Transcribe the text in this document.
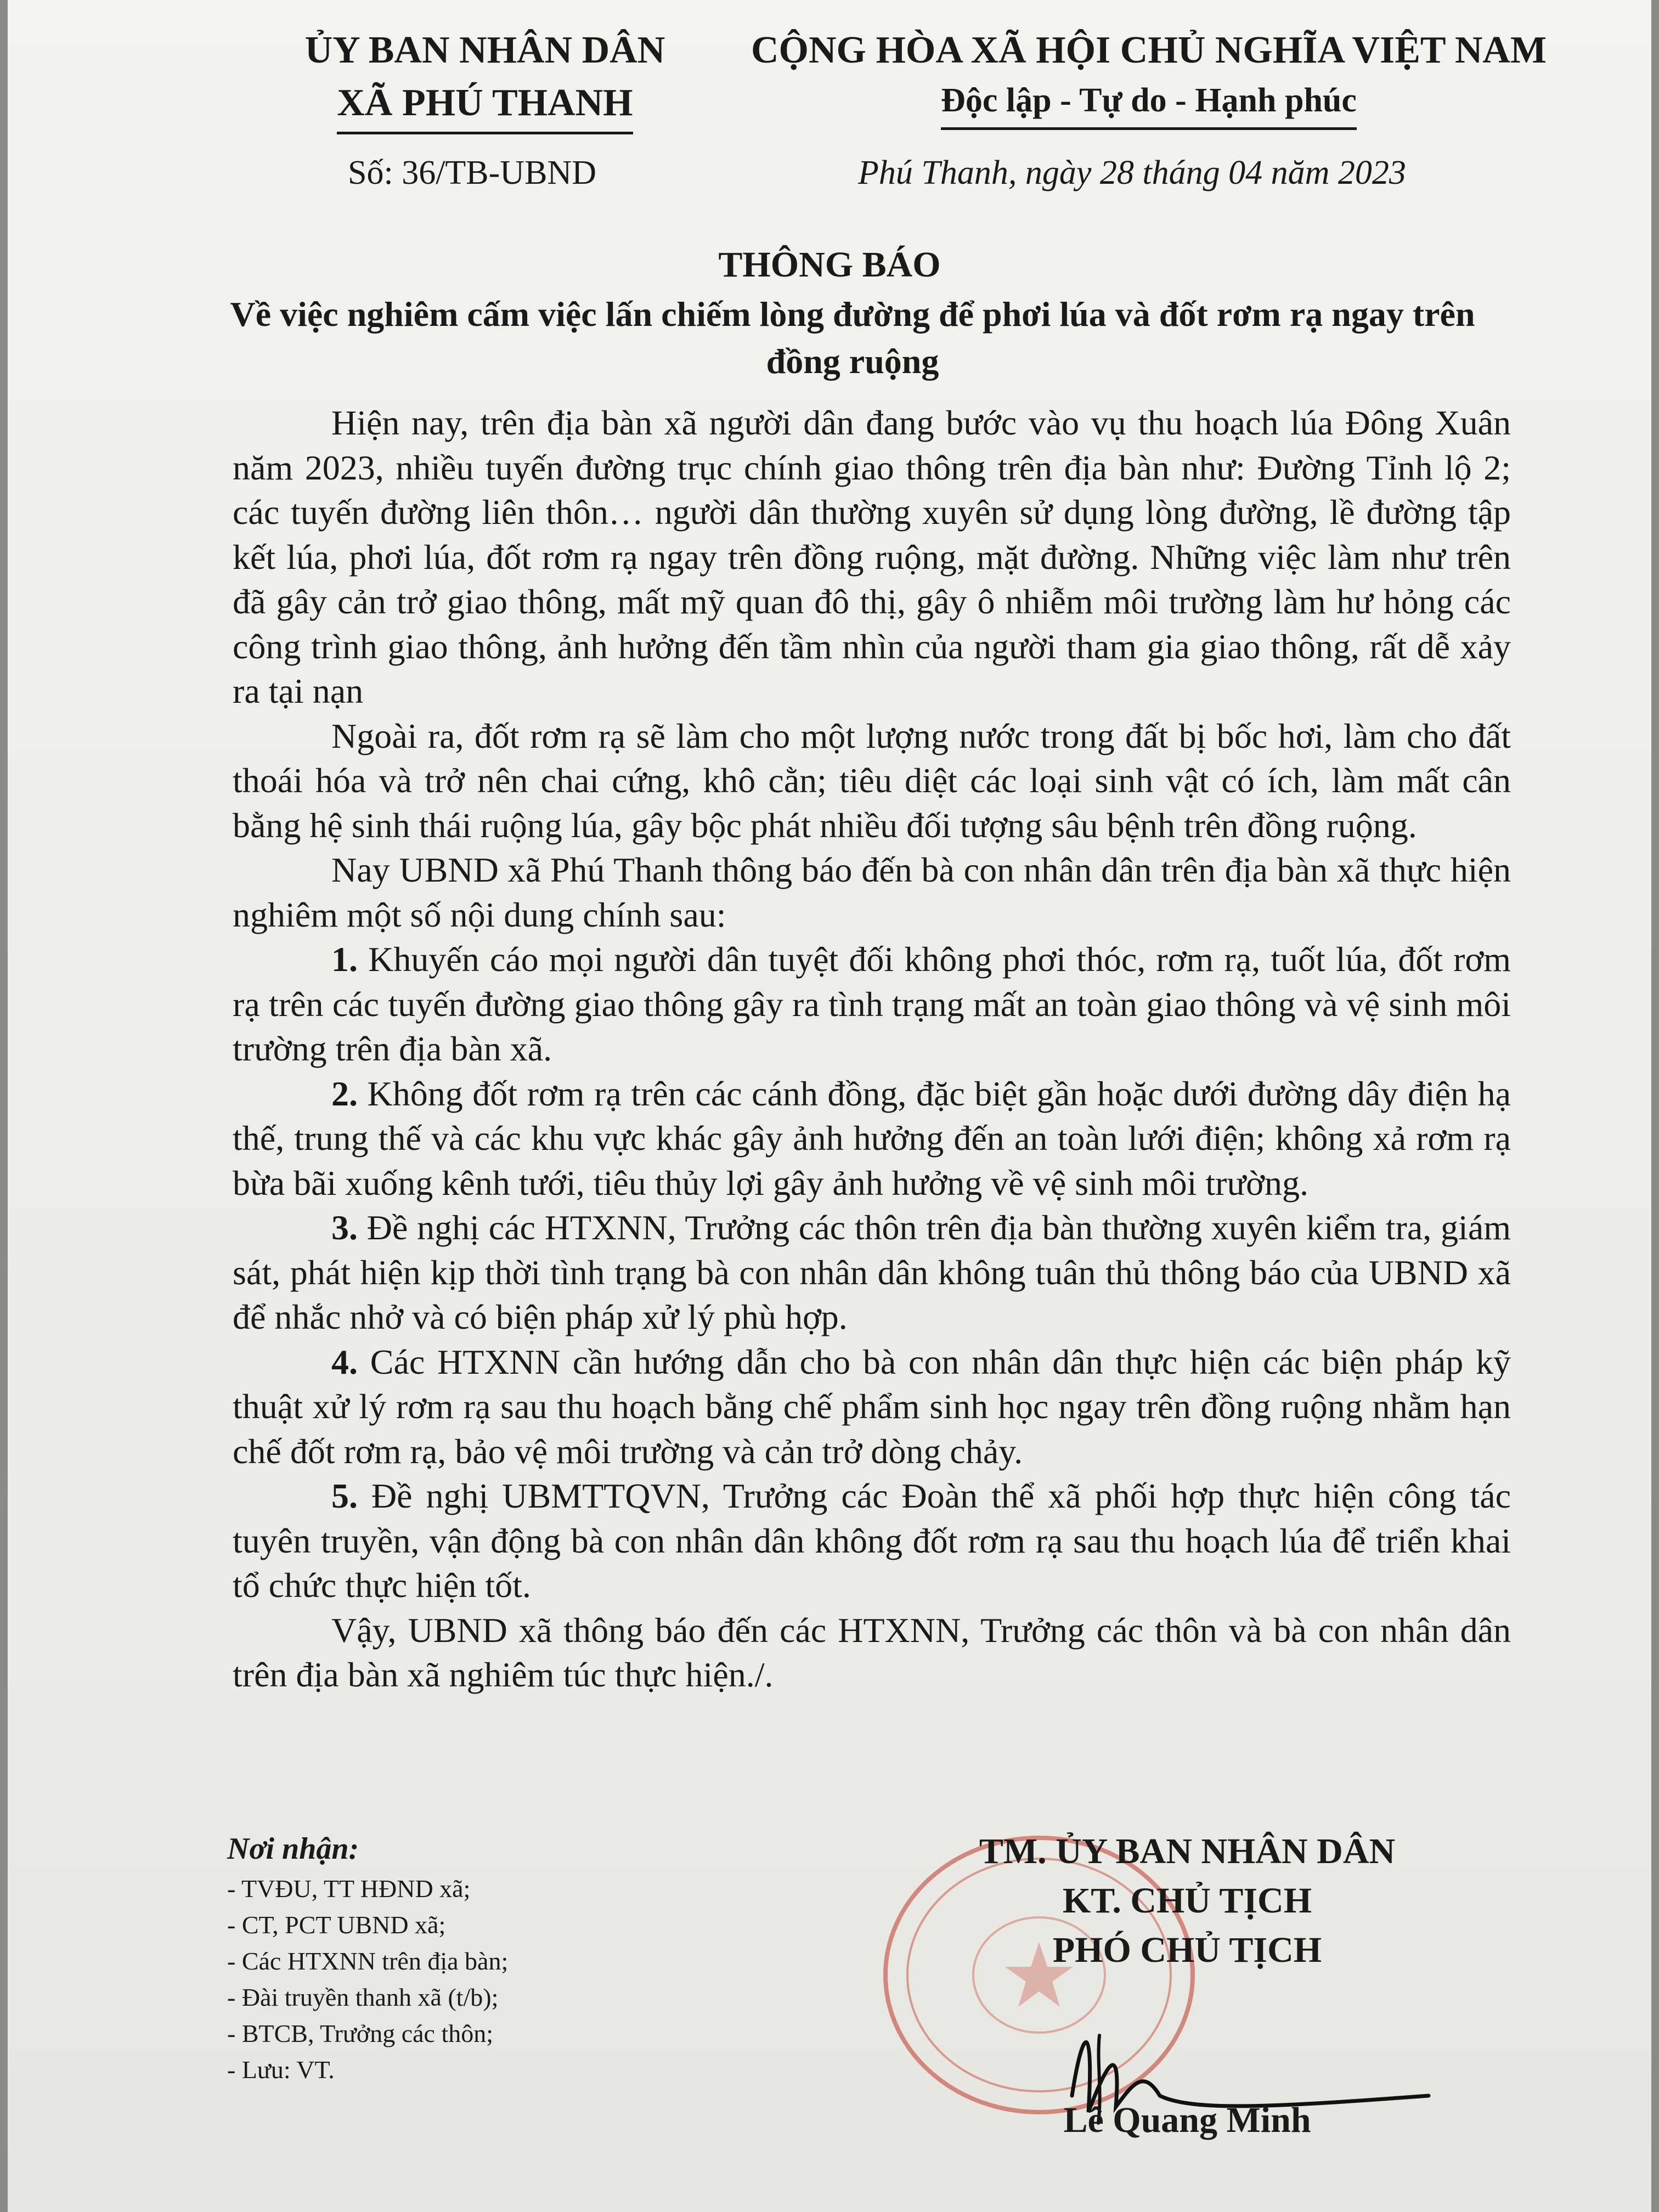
ỦY BAN NHÂN DÂN
XÃ PHÚ THANH
CỘNG HÒA XÃ HỘI CHỦ NGHĨA VIỆT NAM
Độc lập - Tự do - Hạnh phúc
Số: 36/TB-UBND	Phú Thanh, ngày 28 tháng 04 năm 2023
THÔNG BÁO
Về việc nghiêm cấm việc lấn chiếm lòng đường để phơi lúa và đốt rơm rạ ngay trên đồng ruộng

Hiện nay, trên địa bàn xã người dân đang bước vào vụ thu hoạch lúa Đông Xuân năm 2023, nhiều tuyến đường trục chính giao thông trên địa bàn như: Đường Tỉnh lộ 2; các tuyến đường liên thôn… người dân thường xuyên sử dụng lòng đường, lề đường tập kết lúa, phơi lúa, đốt rơm rạ ngay trên đồng ruộng, mặt đường. Những việc làm như trên đã gây cản trở giao thông, mất mỹ quan đô thị, gây ô nhiễm môi trường làm hư hỏng các công trình giao thông, ảnh hưởng đến tầm nhìn của người tham gia giao thông, rất dễ xảy ra tại nạn

Ngoài ra, đốt rơm rạ sẽ làm cho một lượng nước trong đất bị bốc hơi, làm cho đất thoái hóa và trở nên chai cứng, khô cằn; tiêu diệt các loại sinh vật có ích, làm mất cân bằng hệ sinh thái ruộng lúa, gây bộc phát nhiều đối tượng sâu bệnh trên đồng ruộng.

Nay UBND xã Phú Thanh thông báo đến bà con nhân dân trên địa bàn xã thực hiện nghiêm một số nội dung chính sau:

1. Khuyến cáo mọi người dân tuyệt đối không phơi thóc, rơm rạ, tuốt lúa, đốt rơm rạ trên các tuyến đường giao thông gây ra tình trạng mất an toàn giao thông và vệ sinh môi trường trên địa bàn xã.

2. Không đốt rơm rạ trên các cánh đồng, đặc biệt gần hoặc dưới đường dây điện hạ thế, trung thế và các khu vực khác gây ảnh hưởng đến an toàn lưới điện; không xả rơm rạ bừa bãi xuống kênh tưới, tiêu thủy lợi gây ảnh hưởng về vệ sinh môi trường.

3. Đề nghị các HTXNN, Trưởng các thôn trên địa bàn thường xuyên kiểm tra, giám sát, phát hiện kịp thời tình trạng bà con nhân dân không tuân thủ thông báo của UBND xã để nhắc nhở và có biện pháp xử lý phù hợp.

4. Các HTXNN cần hướng dẫn cho bà con nhân dân thực hiện các biện pháp kỹ thuật xử lý rơm rạ sau thu hoạch bằng chế phẩm sinh học ngay trên đồng ruộng nhằm hạn chế đốt rơm rạ, bảo vệ môi trường và cản trở dòng chảy.

5. Đề nghị UBMTTQVN, Trưởng các Đoàn thể xã phối hợp thực hiện công tác tuyên truyền, vận động bà con nhân dân không đốt rơm rạ sau thu hoạch lúa để triển khai tổ chức thực hiện tốt.

Vậy, UBND xã thông báo đến các HTXNN, Trưởng các thôn và bà con nhân dân trên địa bàn xã nghiêm túc thực hiện./.

Nơi nhận:
- TVĐU, TT HĐND xã;
- CT, PCT UBND xã;
- Các HTXNN trên địa bàn;
- Đài truyền thanh xã (t/b);
- BTCB, Trưởng các thôn;
- Lưu: VT.
TM. ỦY BAN NHÂN DÂN
KT. CHỦ TỊCH
PHÓ CHỦ TỊCH
Lê Quang Minh
